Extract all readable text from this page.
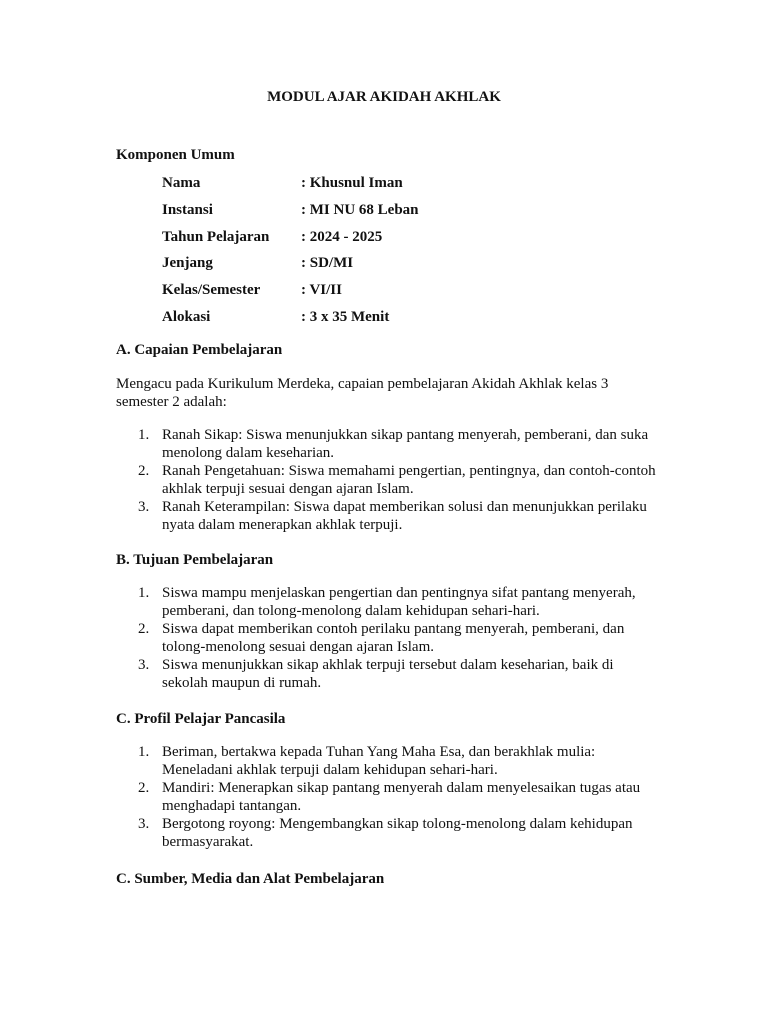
MODUL AJAR AKIDAH AKHLAK
Komponen Umum
Nama	: Khusnul Iman
Instansi	: MI NU 68 Leban
Tahun Pelajaran : 2024 - 2025
Jenjang	: SD/MI
Kelas/Semester	: VI/II
Alokasi	: 3 x 35 Menit
A. Capaian Pembelajaran
Mengacu pada Kurikulum Merdeka, capaian pembelajaran Akidah Akhlak kelas 3 semester 2 adalah:
1. Ranah Sikap: Siswa menunjukkan sikap pantang menyerah, pemberani, dan suka menolong dalam keseharian.
2. Ranah Pengetahuan: Siswa memahami pengertian, pentingnya, dan contoh-contoh akhlak terpuji sesuai dengan ajaran Islam.
3. Ranah Keterampilan: Siswa dapat memberikan solusi dan menunjukkan perilaku nyata dalam menerapkan akhlak terpuji.
B. Tujuan Pembelajaran
1. Siswa mampu menjelaskan pengertian dan pentingnya sifat pantang menyerah, pemberani, dan tolong-menolong dalam kehidupan sehari-hari.
2. Siswa dapat memberikan contoh perilaku pantang menyerah, pemberani, dan tolong-menolong sesuai dengan ajaran Islam.
3. Siswa menunjukkan sikap akhlak terpuji tersebut dalam keseharian, baik di sekolah maupun di rumah.
C. Profil Pelajar Pancasila
1. Beriman, bertakwa kepada Tuhan Yang Maha Esa, dan berakhlak mulia: Meneladani akhlak terpuji dalam kehidupan sehari-hari.
2. Mandiri: Menerapkan sikap pantang menyerah dalam menyelesaikan tugas atau menghadapi tantangan.
3. Bergotong royong: Mengembangkan sikap tolong-menolong dalam kehidupan bermasyarakat.
C. Sumber, Media dan Alat Pembelajaran
